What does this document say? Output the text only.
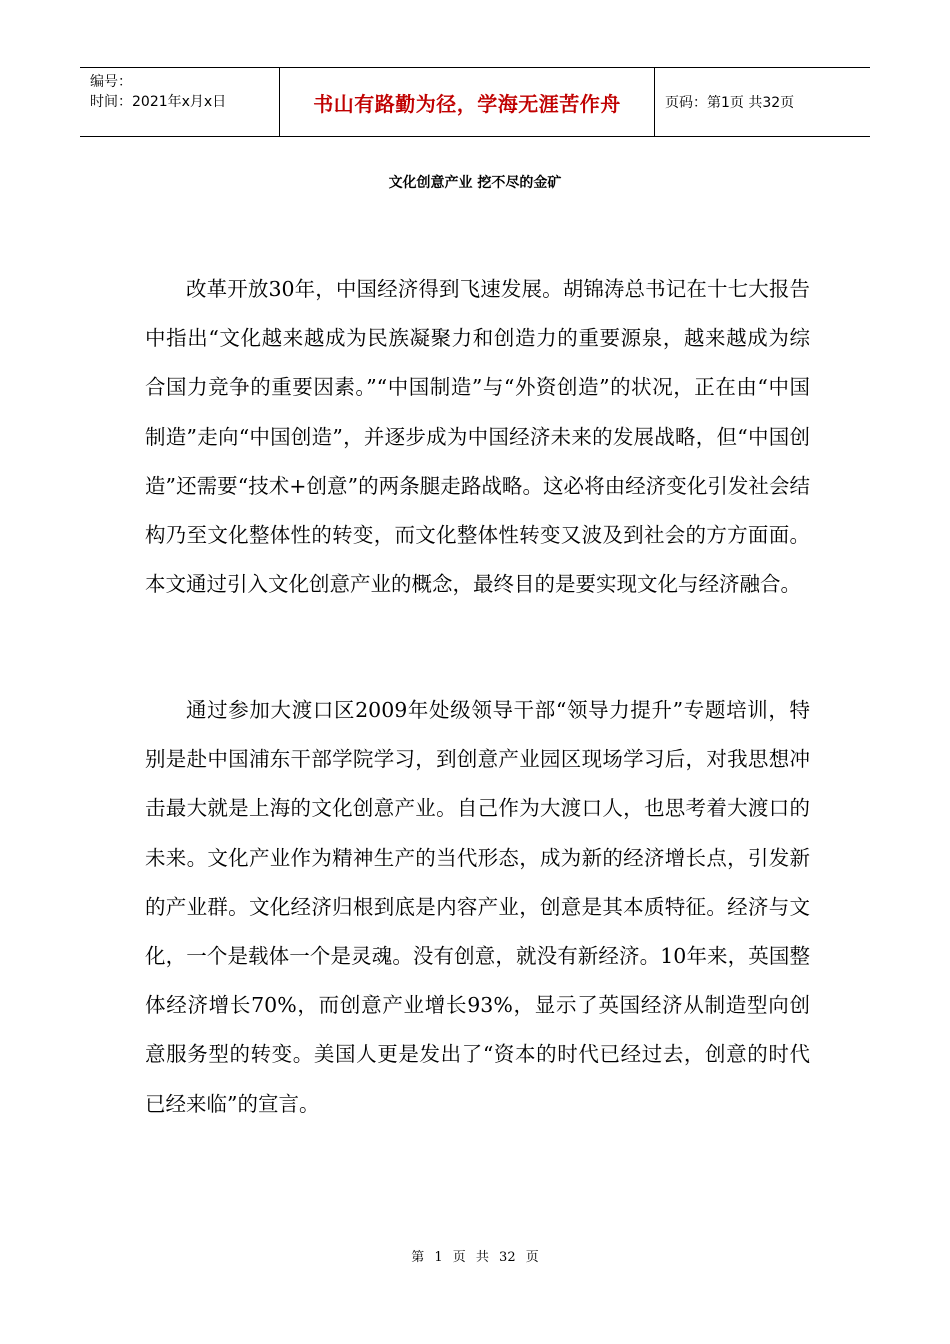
编号：
时间：2021年x月x日	书山有路勤为径，学海无涯苦作舟	页码：第1页 共32页
文化创意产业 挖不尽的金矿

改革开放30年，中国经济得到飞速发展。胡锦涛总书记在十七大报告中指出“文化越来越成为民族凝聚力和创造力的重要源泉，越来越成为综合国力竞争的重要因素。”“中国制造”与“外资创造”的状况，正在由“中国制造”走向“中国创造”，并逐步成为中国经济未来的发展战略，但“中国创造”还需要“技术+创意”的两条腿走路战略。这必将由经济变化引发社会结构乃至文化整体性的转变，而文化整体性转变又波及到社会的方方面面。本文通过引入文化创意产业的概念，最终目的是要实现文化与经济融合。

通过参加大渡口区2009年处级领导干部“领导力提升”专题培训，特别是赴中国浦东干部学院学习，到创意产业园区现场学习后，对我思想冲击最大就是上海的文化创意产业。自己作为大渡口人，也思考着大渡口的未来。文化产业作为精神生产的当代形态，成为新的经济增长点，引发新的产业群。文化经济归根到底是内容产业，创意是其本质特征。经济与文化，一个是载体一个是灵魂。没有创意，就没有新经济。10年来，英国整体经济增长70%，而创意产业增长93%，显示了英国经济从制造型向创意服务型的转变。美国人更是发出了“资本的时代已经过去，创意的时代已经来临”的宣言。

第 1 页 共 32 页
